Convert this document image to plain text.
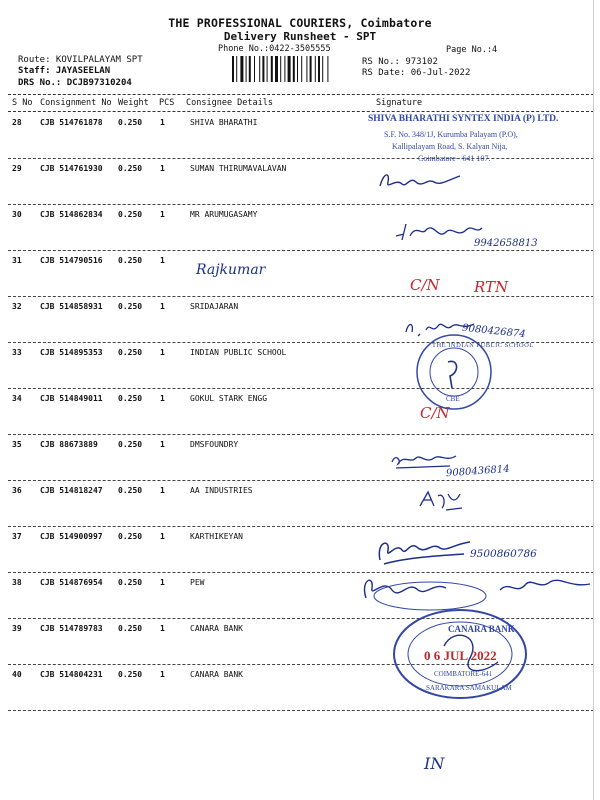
THE PROFESSIONAL COURIERS, Coimbatore
Delivery Runsheet - SPT
Phone No.:0422-3505555	Page No.:4
Route: KOVILPALAYAM SPT
Staff: JAYASEELAN
DRS No.: DCJB97310204
RS No.: 973102
RS Date: 06-Jul-2022
S No Consignment No Weight PCS Consignee Details	Signature
28 CJB 514761878 0.250 1	SHIVA BHARATHI
29 CJB 514761930 0.250 1	SUMAN THIRUMAVALAVAN
30 CJB 514862834 0.250 1	MR ARUMUGASAMY
31 CJB 514790516 0.250 1
32 CJB 514858931 0.250 1	SRIDAJARAN
33 CJB 514895353 0.250 1	INDIAN PUBLIC SCHOOL
34 CJB 514849011 0.250 1	GOKUL STARK ENGG
35 CJB 88673889	0.250 1	DMSFOUNDRY
36 CJB 514818247 0.250 1	AA INDUSTRIES
37 CJB 514900997 0.250 1	KARTHIKEYAN
38 CJB 514876954 0.250 1	PEW
39 CJB 514789783 0.250 1	CANARA BANK
40 CJB 514804231 0.250 1	CANARA BANK
SHIVA BHARATHI SYNTEX INDIA (P) LTD.
S.F. No. 348/1J, Kurumba Palayam (P.O),
Kallipalayam Road, S. Kalyan Nija,
Coimbatore - 641 107.
9942658813
Rajkumar
C/N RTN
9080426874
THE INDIAN PUBLIC SCHOOL
CBE
C/N
9080436814
9500860786
CANARA BANK
0 6 JUL 2022
COIMBATORE-641
SARAKARA SAMAKULAM
IN
